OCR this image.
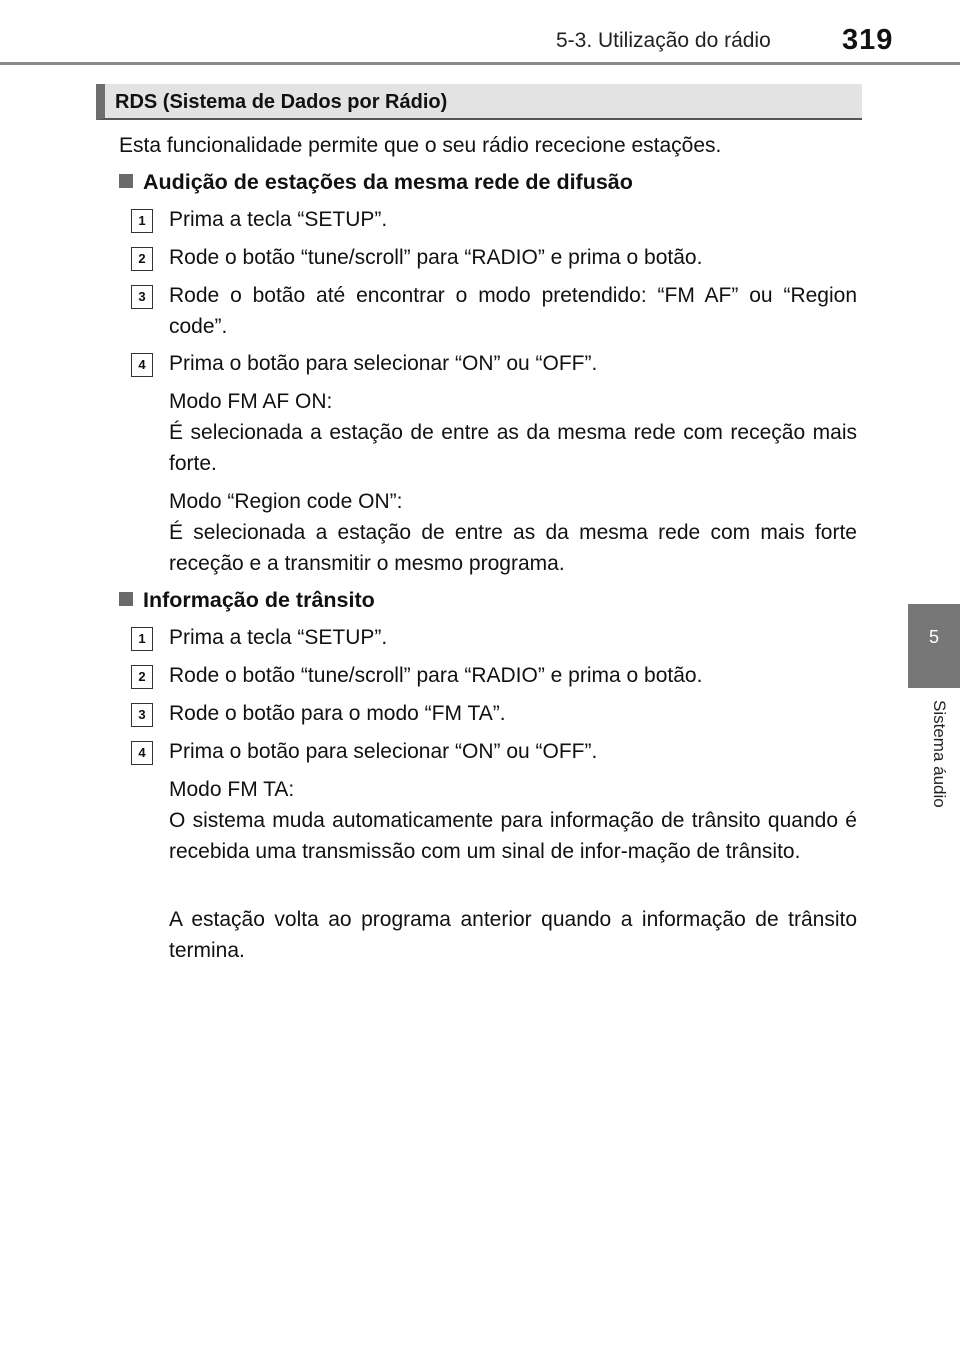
5-3. Utilização do rádio 319
5
Sistema áudio
RDS (Sistema de Dados por Rádio)
Esta funcionalidade permite que o seu rádio rececione estações.
Audição de estações da mesma rede de difusão
1	Prima a tecla “SETUP”.
2	Rode o botão “tune/scroll” para “RADIO” e prima o botão.
3	Rode o botão até encontrar o modo pretendido: “FM AF” ou “Region code”.
4	Prima o botão para selecionar “ON” ou “OFF”.
Modo FM AF ON:
É selecionada a estação de entre as da mesma rede com receção mais forte.
Modo “Region code ON”:
É selecionada a estação de entre as da mesma rede com mais forte receção e a transmitir o mesmo programa.
Informação de trânsito
1	Prima a tecla “SETUP”.
2	Rode o botão “tune/scroll” para “RADIO” e prima o botão.
3	Rode o botão para o modo “FM TA”.
4	Prima o botão para selecionar “ON” ou “OFF”.
Modo FM TA:
O sistema muda automaticamente para informação de trânsito quando é recebida uma transmissão com um sinal de infor-mação de trânsito.
A estação volta ao programa anterior quando a informação de trânsito termina.
